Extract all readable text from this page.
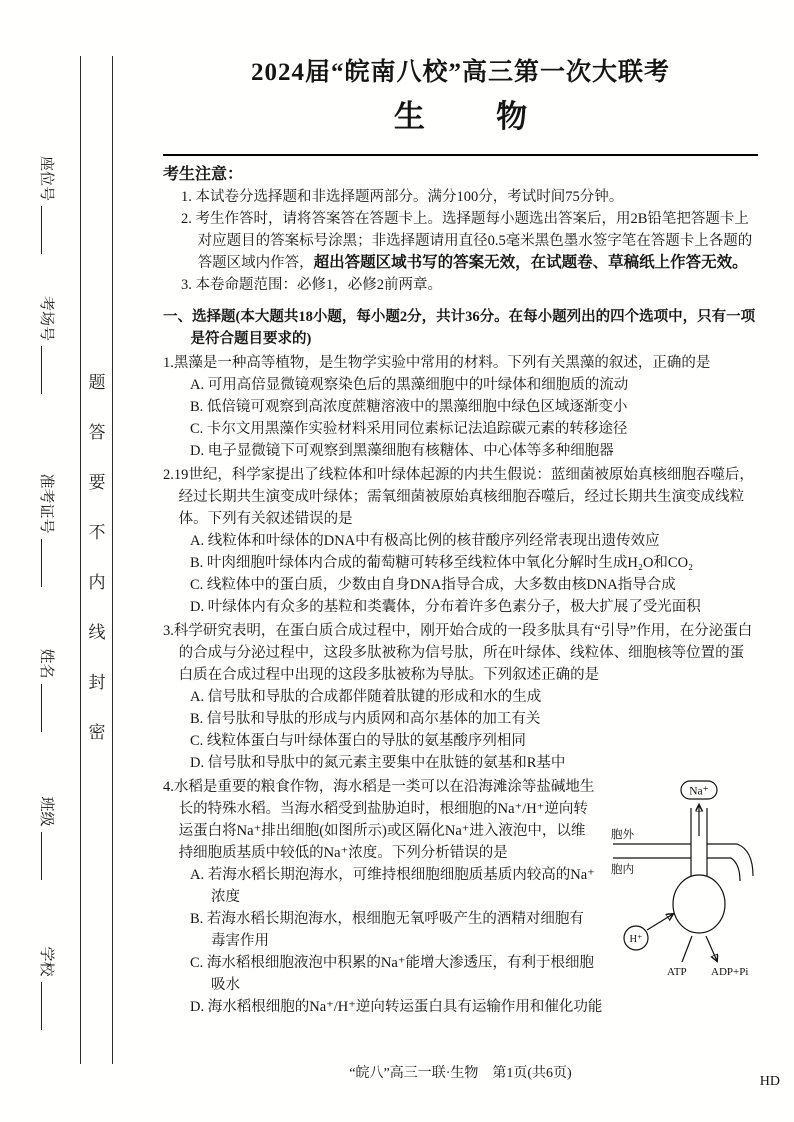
座位号
考场号
准考证号
姓名
班级
学校
题
答
要
不
内
线
封
密
2024届“皖南八校”高三第一次大联考
生物
考生注意：
1. 本试卷分选择题和非选择题两部分。满分100分，考试时间75分钟。
2. 考生作答时，请将答案答在答题卡上。选择题每小题选出答案后，用2B铅笔把答题卡上对应题目的答案标号涂黑；非选择题请用直径0.5毫米黑色墨水签字笔在答题卡上各题的答题区域内作答，超出答题区域书写的答案无效，在试题卷、草稿纸上作答无效。
3. 本卷命题范围：必修1，必修2前两章。
一、选择题(本大题共18小题，每小题2分，共计36分。在每小题列出的四个选项中，只有一项是符合题目要求的)
1.黑藻是一种高等植物，是生物学实验中常用的材料。下列有关黑藻的叙述，正确的是
A. 可用高倍显微镜观察染色后的黑藻细胞中的叶绿体和细胞质的流动
B. 低倍镜可观察到高浓度蔗糖溶液中的黑藻细胞中绿色区域逐渐变小
C. 卡尔文用黑藻作实验材料采用同位素标记法追踪碳元素的转移途径
D. 电子显微镜下可观察到黑藻细胞有核糖体、中心体等多种细胞器
2.19世纪，科学家提出了线粒体和叶绿体起源的内共生假说：蓝细菌被原始真核细胞吞噬后，经过长期共生演变成叶绿体；需氧细菌被原始真核细胞吞噬后，经过长期共生演变成线粒体。下列有关叙述错误的是
A. 线粒体和叶绿体的DNA中有极高比例的核苷酸序列经常表现出遗传效应
B. 叶肉细胞叶绿体内合成的葡萄糖可转移至线粒体中氧化分解时生成H₂O和CO₂
C. 线粒体中的蛋白质，少数由自身DNA指导合成，大多数由核DNA指导合成
D. 叶绿体内有众多的基粒和类囊体，分布着许多色素分子，极大扩展了受光面积
3.科学研究表明，在蛋白质合成过程中，刚开始合成的一段多肽具有“引导”作用，在分泌蛋白的合成与分泌过程中，这段多肽被称为信号肽，所在叶绿体、线粒体、细胞核等位置的蛋白质在合成过程中出现的这段多肽被称为导肽。下列叙述正确的是
A. 信号肽和导肽的合成都伴随着肽键的形成和水的生成
B. 信号肽和导肽的形成与内质网和高尔基体的加工有关
C. 线粒体蛋白与叶绿体蛋白的导肽的氨基酸序列相同
D. 信号肽和导肽中的氮元素主要集中在肽链的氨基和R基中
Na⁺
胞外
胞内
H⁺
ATP ADP+Pi
4.水稻是重要的粮食作物，海水稻是一类可以在沿海滩涂等盐碱地生长的特殊水稻。当海水稻受到盐胁迫时，根细胞的Na⁺/H⁺逆向转运蛋白将Na⁺排出细胞(如图所示)或区隔化Na⁺进入液泡中，以维持细胞质基质中较低的Na⁺浓度。下列分析错误的是
A. 若海水稻长期泡海水，可维持根细胞细胞质基质内较高的Na⁺浓度
B. 若海水稻长期泡海水，根细胞无氧呼吸产生的酒精对细胞有毒害作用
C. 海水稻根细胞液泡中积累的Na⁺能增大渗透压，有利于根细胞吸水
D. 海水稻根细胞的Na⁺/H⁺逆向转运蛋白具有运输作用和催化功能
“皖八”高三一联·生物　第1页(共6页)
HD
